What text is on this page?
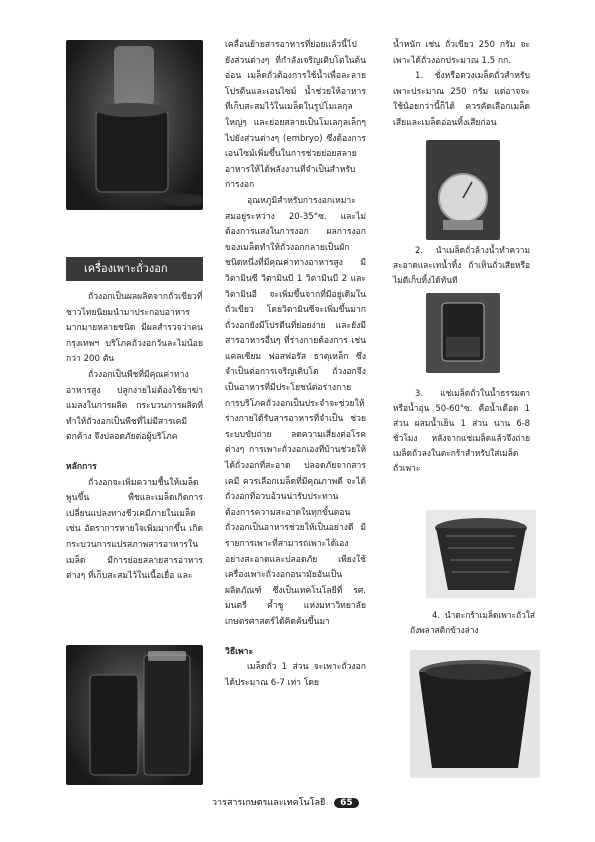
เครื่องเพาะถั่วงอก

ถั่วงอกเป็นผลผลิตจากถั่วเขียวที่ชาวไทยนิยมนำมาประกอบอาหารมากมายหลายชนิด มีผลสำรวจว่าคนกรุงเทพฯ บริโภคถั่วงอกวันละไม่น้อยกว่า 200 ตัน

ถั่วงอกเป็นพืชที่มีคุณค่าทางอาหารสูง ปลูกง่ายไม่ต้องใช้ยาฆ่าแมลงในการผลิต กระบวนการผลิตที่ทำให้ถั่วงอกเป็นพืชที่ไม่มีสารเคมีตกค้าง จึงปลอดภัยต่อผู้บริโภค

หลักการ

ถั่วงอกจะเพิ่มความชื้นให้เมล็ดพูนขึ้น พืชและเมล็ดเกิดการเปลี่ยนแปลงทางชีวเคมีภายในเมล็ด เช่น อัตราการหายใจเพิ่มมากขึ้น เกิดกระบวนการแปรสภาพสารอาหารในเมล็ด มีการย่อยสลายสารอาหารต่างๆ ที่เก็บสะสมไว้ในเนื้อเยื่อ และ

เคลื่อนย้ายสารอาหารที่ย่อยแล้วนี้ไปยังส่วนต่างๆ ที่กำลังเจริญเติบโตในต้นอ่อน เมล็ดถั่วต้องการใช้น้ำเพื่อละลายโปรตีนและเอนไซม์ น้ำช่วยให้อาหารที่เก็บสะสมไว้ในเมล็ดในรูปโมเลกุลใหญ่ๆ และย่อยสลายเป็นโมเลกุลเล็กๆ ไปยังส่วนต่างๆ (embryo) ซึ่งต้องการเอนไซม์เพิ่มขึ้นในการช่วยย่อยสลายอาหารให้ได้พลังงานที่จำเป็นสำหรับการงอก

อุณหภูมิสำหรับการงอกเหมาะสมอยู่ระหว่าง 20-35°ซ. และไม่ต้องการแสงในการงอก ผลการงอกของเมล็ดทำให้ถั่วงอกกลายเป็นผักชนิดหนึ่งที่มีคุณค่าทางอาหารสูง มีวิตามินซี วิตามินบี 1 วิตามินบี 2 และวิตามินอี จะเพิ่มขึ้นจากที่มีอยู่เดิมในถั่วเขียว โดยวิตามินซีจะเพิ่มขึ้นมาก ถั่วงอกยังมีโปรตีนที่ย่อยง่าย และยังมีสารอาหารอื่นๆ ที่ร่างกายต้องการ เช่น แคลเซียม ฟอสฟอรัส ธาตุเหล็ก ซึ่งจำเป็นต่อการเจริญเติบโต ถั่วงอกจึงเป็นอาหารที่มีประโยชน์ต่อร่างกาย การบริโภคถั่วงอกเป็นประจำจะช่วยให้ร่างกายได้รับสารอาหารที่จำเป็น ช่วยระบบขับถ่าย ลดความเสี่ยงต่อโรคต่างๆ การเพาะถั่วงอกเองที่บ้านช่วยให้ได้ถั่วงอกที่สะอาด ปลอดภัยจากสารเคมี ควรเลือกเมล็ดที่มีคุณภาพดี จะได้ถั่วงอกที่อวบอ้วนน่ารับประทาน ต้องการความสะอาดในทุกขั้นตอน ถั่วงอกเป็นอาหารช่วยให้เป็นอย่างดี มีรายการเพาะที่สามารถเพาะได้เองอย่างสะอาดและปลอดภัย เพียงใช้เครื่องเพาะถั่วงอกอนามัยอันเป็นผลิตภัณฑ์ ซึ่งเป็นเทคโนโลยีที่ รศ. มนตรี ค้ำชู แห่งมหาวิทยาลัยเกษตรศาสตร์ได้คิดค้นขึ้นมา

วิธีเพาะ

เมล็ดถั่ว 1 ส่วน จะเพาะถั่วงอก ได้ประมาณ 6-7 เท่า โดย

น้ำหนัก เช่น ถั่วเขียว 250 กรัม จะเพาะได้ถั่วงอกประมาณ 1.5 กก.

1. ชั่งหรือตวงเมล็ดถั่วสำหรับเพาะประมาณ 250 กรัม แต่อาจจะใช้น้อยกว่านี้ก็ได้ ควรคัดเลือกเมล็ดเสียและเมล็ดอ่อนทิ้งเสียก่อน

2. นำเมล็ดถั่วล้างน้ำทำความสะอาดและเทน้ำทิ้ง ถ้าเห็นถั่วเสียหรือไม่ดีเก็บทิ้งได้ทันที

3. แช่เมล็ดถั่วในน้ำธรรมดาหรือน้ำอุ่น 50-60°ซ. คือน้ำเดือด 1 ส่วน ผสมน้ำเย็น 1 ส่วน นาน 6-8 ชั่วโมง หลังจากแช่เมล็ดแล้วจึงถ่ายเมล็ดถั่วลงในตะกร้าสำหรับใส่เมล็ดถั่วเพาะ

4. นำตะกร้าเมล็ดเพาะถั่วใส่ถังพลาสติกข้างล่าง

วารสารเกษตรและเทคโนโลยี 65
